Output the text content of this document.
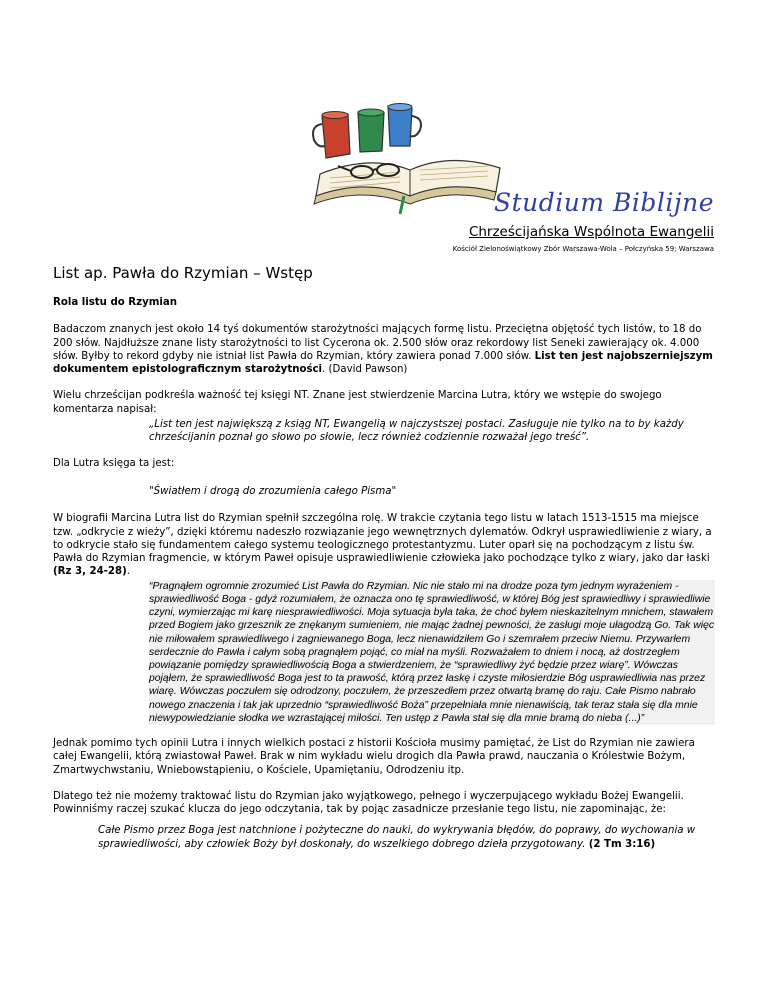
Studium Biblijne
Chrześcijańska Wspólnota Ewangelii
Kościół Zielonoświątkowy Zbór Warszawa-Wola – Połczyńska 59; Warszawa
List ap. Pawła do Rzymian – Wstęp
Rola listu do Rzymian

Badaczom znanych jest około 14 tyś dokumentów starożytności mających formę listu. Przeciętna objętość tych listów, to 18 do 200 słów. Najdłuższe znane listy starożytności to list Cycerona ok. 2.500 słów oraz rekordowy list Seneki zawierający ok. 4.000 słów. Byłby to rekord gdyby nie istniał list Pawła do Rzymian, który zawiera ponad 7.000 słów. List ten jest najobszerniejszym dokumentem epistolograficznym starożytności. (David Pawson)

Wielu chrześcijan podkreśla ważność tej księgi NT. Znane jest stwierdzenie Marcina Lutra, który we wstępie do swojego komentarza napisał:

„List ten jest największą z ksiąg NT, Ewangelią w najczystszej postaci. Zasługuje nie tylko na to by każdy chrześcijanin poznał go słowo po słowie, lecz również codziennie rozważał jego treść”.

Dla Lutra księga ta jest:

"Światłem i drogą do zrozumienia całego Pisma"

W biografii Marcina Lutra list do Rzymian spełnił szczególna rolę. W trakcie czytania tego listu w latach 1513-1515 ma miejsce tzw. „odkrycie z wieży”, dzięki któremu nadeszło rozwiązanie jego wewnętrznych dylematów. Odkrył usprawiedliwienie z wiary, a to odkrycie stało się fundamentem całego systemu teologicznego protestantyzmu. Luter oparł się na pochodzącym z listu św. Pawła do Rzymian fragmencie, w którym Paweł opisuje usprawiedliwienie człowieka jako pochodzące tylko z wiary, jako dar łaski (Rz 3, 24-28).

“Pragnąłem ogromnie zrozumieć List Pawła do Rzymian. Nic nie stało mi na drodze poza tym jednym wyrażeniem - sprawiedliwość Boga - gdyż rozumiałem, że oznacza ono tę sprawiedliwość, w której Bóg jest sprawiedliwy i sprawiedliwie czyni, wymierzając mi karę niesprawiedliwości. Moja sytuacja była taka, że choć byłem nieskazitelnym mnichem, stawałem przed Bogiem jako grzesznik ze znękanym sumieniem, nie mając żadnej pewności, że zasługi moje ułagodzą Go. Tak więc nie miłowałem sprawiedliwego i zagniewanego Boga, lecz nienawidziłem Go i szemrałem przeciw Niemu. Przywarłem serdecznie do Pawła i całym sobą pragnąłem pojąć, co miał na myśli. Rozważałem to dniem i nocą, aż dostrzegłem powiązanie pomiędzy sprawiedliwością Boga a stwierdzeniem, że “sprawiedliwy żyć będzie przez wiarę”. Wówczas pojąłem, że sprawiedliwość Boga jest to ta prawość, którą przez łaskę i czyste miłosierdzie Bóg usprawiedliwia nas przez wiarę. Wówczas poczułem się odrodzony, poczułem, że przeszedłem przez otwartą bramę do raju. Całe Pismo nabrało nowego znaczenia i tak jak uprzednio “sprawiedliwość Boża” przepełniała mnie nienawiścią, tak teraz stała się dla mnie niewypowiedzianie słodka we wzrastającej miłości. Ten ustęp z Pawła stał się dla mnie bramą do nieba (...)”

Jednak pomimo tych opinii Lutra i innych wielkich postaci z historii Kościoła musimy pamiętać, że List do Rzymian nie zawiera całej Ewangelii, którą zwiastował Paweł. Brak w nim wykładu wielu drogich dla Pawła prawd, nauczania o Królestwie Bożym, Zmartwychwstaniu, Wniebowstąpieniu, o Kościele, Upamiętaniu, Odrodzeniu itp.

Dlatego też nie możemy traktować listu do Rzymian jako wyjątkowego, pełnego i wyczerpującego wykładu Bożej Ewangelii. Powinniśmy raczej szukać klucza do jego odczytania, tak by pojąc zasadnicze przesłanie tego listu, nie zapominając, że:

Całe Pismo przez Boga jest natchnione i pożyteczne do nauki, do wykrywania błędów, do poprawy, do wychowania w sprawiedliwości, aby człowiek Boży był doskonały, do wszelkiego dobrego dzieła przygotowany. (2 Tm 3:16)
